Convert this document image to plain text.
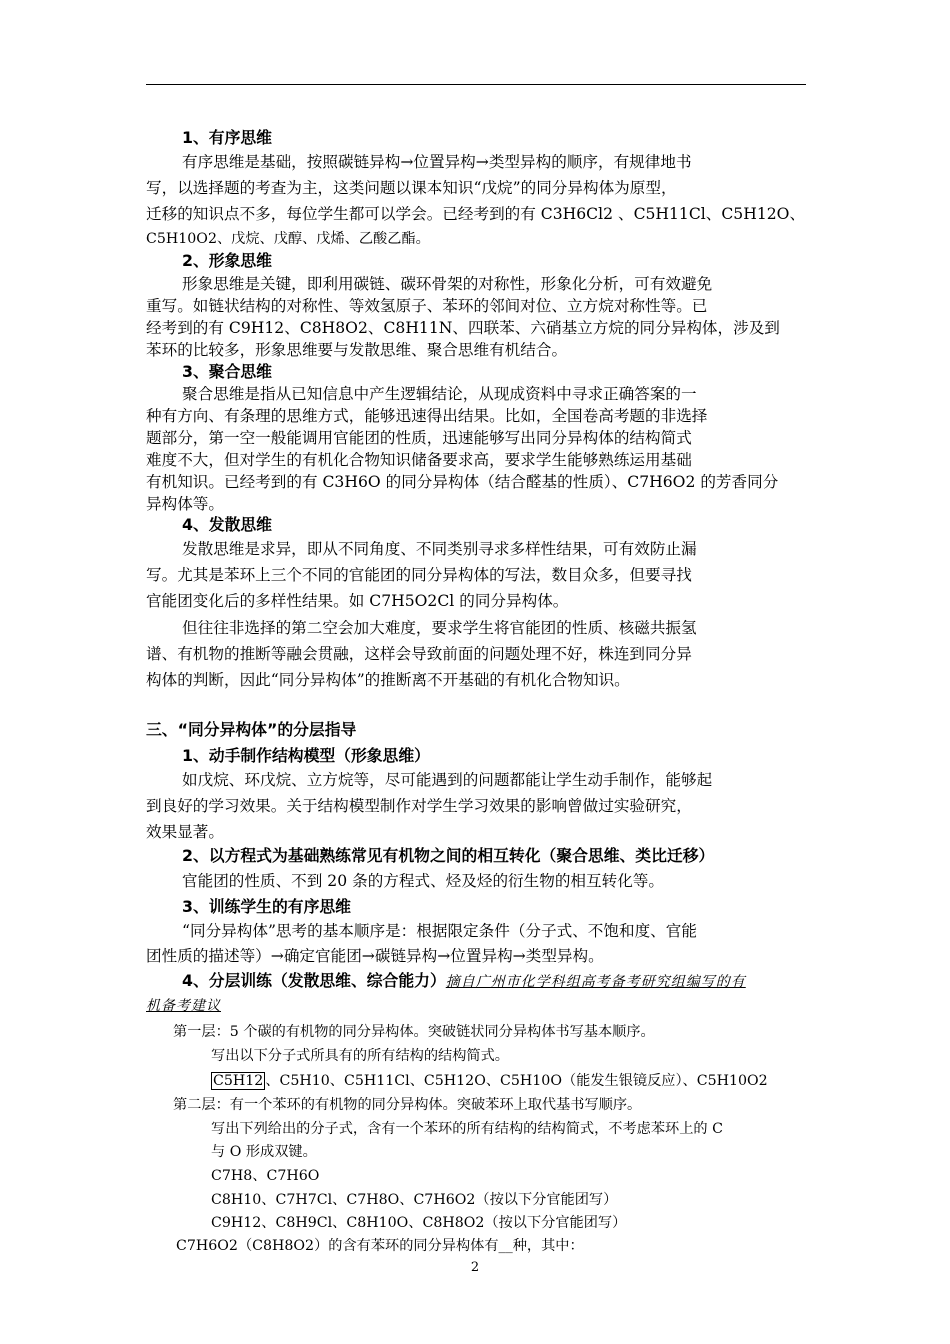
1、有序思维
有序思维是基础，按照碳链异构→位置异构→类型异构的顺序，有规律地书
写，以选择题的考查为主，这类问题以课本知识“戊烷”的同分异构体为原型，
迁移的知识点不多，每位学生都可以学会。已经考到的有 C3H6Cl2 、C5H11Cl、C5H12O、
C5H10O2、戊烷、戊醇、戊烯、乙酸乙酯。
2、形象思维
形象思维是关键，即利用碳链、碳环骨架的对称性，形象化分析，可有效避免
重写。如链状结构的对称性、等效氢原子、苯环的邻间对位、立方烷对称性等。已
经考到的有 C9H12、C8H8O2、C8H11N、四联苯、六硝基立方烷的同分异构体，涉及到
苯环的比较多，形象思维要与发散思维、聚合思维有机结合。
3、聚合思维
聚合思维是指从已知信息中产生逻辑结论，从现成资料中寻求正确答案的一
种有方向、有条理的思维方式，能够迅速得出结果。比如，全国卷高考题的非选择
题部分，第一空一般能调用官能团的性质，迅速能够写出同分异构体的结构简式
难度不大，但对学生的有机化合物知识储备要求高，要求学生能够熟练运用基础
有机知识。已经考到的有 C3H6O 的同分异构体（结合醛基的性质）、C7H6O2 的芳香同分
异构体等。
4、发散思维
发散思维是求异，即从不同角度、不同类别寻求多样性结果，可有效防止漏
写。尤其是苯环上三个不同的官能团的同分异构体的写法，数目众多，但要寻找
官能团变化后的多样性结果。如 C7H5O2Cl 的同分异构体。
但往往非选择的第二空会加大难度，要求学生将官能团的性质、核磁共振氢
谱、有机物的推断等融会贯融，这样会导致前面的问题处理不好，株连到同分异
构体的判断，因此“同分异构体”的推断离不开基础的有机化合物知识。
三、“同分异构体”的分层指导
1、动手制作结构模型（形象思维）
如戊烷、环戊烷、立方烷等，尽可能遇到的问题都能让学生动手制作，能够起
到良好的学习效果。关于结构模型制作对学生学习效果的影响曾做过实验研究，
效果显著。
2、以方程式为基础熟练常见有机物之间的相互转化（聚合思维、类比迁移）
官能团的性质、不到 20 条的方程式、烃及烃的衍生物的相互转化等。
3、训练学生的有序思维
“同分异构体”思考的基本顺序是：根据限定条件（分子式、不饱和度、官能
团性质的描述等）→确定官能团→碳链异构→位置异构→类型异构。
4、分层训练（发散思维、综合能力）摘自广州市化学科组高考备考研究组编写的有
机备考建议
第一层：5 个碳的有机物的同分异构体。突破链状同分异构体书写基本顺序。
写出以下分子式所具有的所有结构的结构简式。
C5H12 、C5H10、C5H11Cl、C5H12O、C5H10O（能发生银镜反应）、C5H10O2
第二层：有一个苯环的有机物的同分异构体。突破苯环上取代基书写顺序。
写出下列给出的分子式，含有一个苯环的所有结构的结构简式，不考虑苯环上的 C
与 O 形成双键。
C7H8、C7H6O
C8H10、C7H7Cl、C7H8O、C7H6O2（按以下分官能团写）
C9H12、C8H9Cl、C8H10O、C8H8O2（按以下分官能团写）
C7H6O2（C8H8O2）的含有苯环的同分异构体有__种，其中：
2
